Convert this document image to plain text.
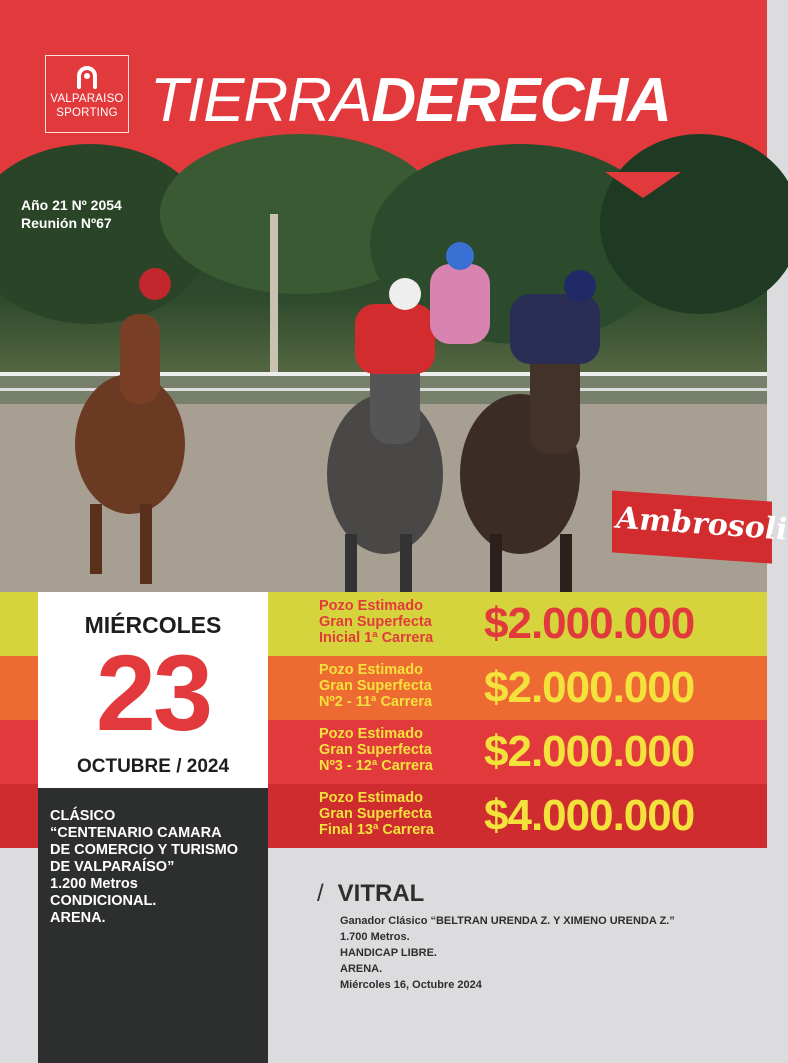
VALPARAISO
SPORTING TIERRADERECHA
Ambrosoli
Año 21 Nº 2054
Reunión Nº67
Pozo Estimado
Gran Superfecta
Inicial 1ª Carrera	$2.000.000
Pozo Estimado
Gran Superfecta
Nº2 - 11ª Carrera	$2.000.000
Pozo Estimado
Gran Superfecta
Nº3 - 12ª Carrera	$2.000.000
Pozo Estimado
Gran Superfecta
Final 13ª Carrera	$4.000.000
MIÉRCOLES
23
OCTUBRE / 2024
CLÁSICO
“CENTENARIO CAMARA
DE COMERCIO Y TURISMO
DE VALPARAÍSO”
1.200 Metros
CONDICIONAL.
ARENA.
/ VITRAL
Ganador Clásico “BELTRAN URENDA Z. Y XIMENO URENDA Z.”
1.700 Metros.
HANDICAP LIBRE.
ARENA.
Miércoles 16, Octubre 2024
